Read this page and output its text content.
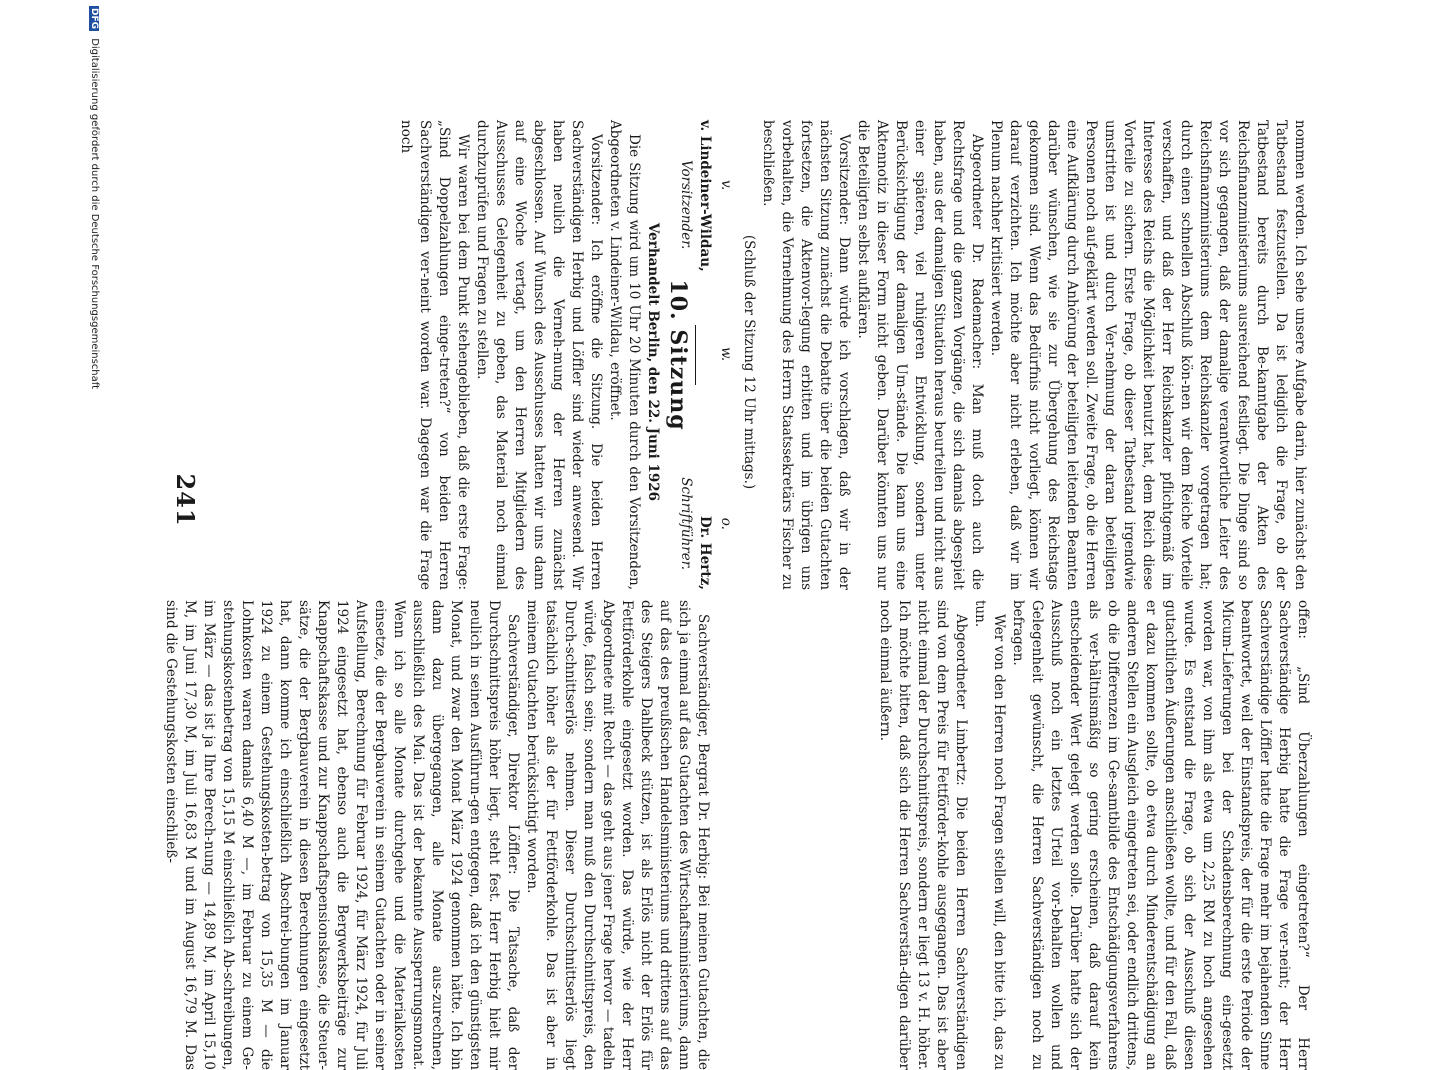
nommen werden. Ich sehe unsere Aufgabe darin, hier zunächst den Tatbestand festzustellen. Da ist lediglich die Frage, ob der Tatbestand bereits durch Be-kanntgabe der Akten des Reichsfinanzministeriums ausreichend festliegt. Die Dinge sind so vor sich gegangen, daß der damalige verantwortliche Leiter des Reichsfinanzministeriums dem Reichskanzler vorgetragen hat; durch einen schnellen Abschluß kön-nen wir dem Reiche Vorteile verschaffen, und daß der Herr Reichskanzler pflichtgemäß im Interesse des Reichs die Möglichkeit benutzt hat, dem Reich diese Vorteile zu sichern. Erste Frage, ob dieser Tatbestand irgendwie umstritten ist und durch Ver-nehmung der daran beteiligten Personen noch auf-geklärt werden soll. Zweite Frage, ob die Herren eine Aufklärung durch Anhörung der beteiligten leitenden Beamten darüber wünschen, wie sie zur Übergehung des Reichstags gekommen sind. Wenn das Bedürfnis nicht vorliegt, können wir darauf verzichten. Ich möchte aber nicht erleben, daß wir im Plenum nachher kritisiert werden.

Abgeordneter Dr. Rademacher: Man muß doch auch die Rechtsfrage und die ganzen Vorgänge, die sich damals abgespielt haben, aus der damaligen Situation heraus beurteilen und nicht aus einer späteren, viel ruhigeren Entwicklung, sondern unter Berücksichtigung der damaligen Um-stände. Die kann uns eine Aktennotiz in dieser Form nicht geben. Darüber könnten uns nur die Beteiligten selbst aufklären.

Vorsitzender: Dann würde ich vorschlagen, daß wir in der nächsten Sitzung zunächst die Debatte über die beiden Gutachten fortsetzen, die Aktenvor-legung erbitten und im übrigen uns vorbehalten, die Vernehmung des Herrn Staatssekretärs Fischer zu beschließen.

(Schluß der Sitzung 12 Uhr mittags.)

v.
w.
o.
v. Lindeiner-Wildau,
Dr. Hertz,
Vorsitzender.
Schriftführer.
10. Sitzung

Verhandelt Berlin, den 22. Juni 1926

Die Sitzung wird um 10 Uhr 20 Minuten durch den Vorsitzenden, Abgeordneten v. Lindeiner-Wildau, eröffnet.

Vorsitzender: Ich eröffne die Sitzung. Die beiden Herren Sachverständigen Herbig und Löffler sind wieder anwesend. Wir haben neulich die Verneh-mung der Herren zunächst abgeschlossen. Auf Wunsch des Ausschusses hatten wir uns dann auf eine Woche vertagt, um den Herren Mitgliedern des Ausschusses Gelegenheit zu geben, das Material noch einmal durchzuprüfen und Fragen zu stellen.

Wir waren bei dem Punkt stehengeblieben, daß die erste Frage: „Sind Doppelzahlungen einge-treten?“ von beiden Herren Sachverständigen ver-neint worden war. Dagegen war die Frage noch

offen: „Sind Überzahlungen eingetreten?“ Der Herr Sachverständige Herbig hatte die Frage ver-neint; der Herr Sachverständige Löffler hatte die Frage mehr im bejahenden Sinne beantwortet, weil der Einstandspreis, der für die erste Periode der Micum-Lieferungen bei der Schadensberechnung ein-gesetzt worden war, von ihm als etwa um 2,25 RM zu hoch angesehen wurde. Es entstand die Frage, ob sich der Ausschuß diesen gutachtlichen Äußerungen anschließen wollte, und für den Fall, daß er dazu kommen sollte, ob etwa durch Minderentschädigung an anderen Stellen ein Ausgleich eingetreten sei, oder endlich drittens, ob die Differenzen im Ge-samtbilde des Entschädigungsverfahrens als ver-hältnismäßig so gering erscheinen, daß darauf kein entscheidender Wert gelegt werden solle. Darüber hatte sich der Ausschuß noch ein letztes Urteil vor-behalten wollen und Gelegenheit gewünscht, die Herren Sachverständigen noch zu befragen.

Wer von den Herren noch Fragen stellen will, den bitte ich, das zu tun.

Abgeordneter Limbertz: Die beiden Herren Sachverständigen sind von dem Preis für Fettförder-kohle ausgegangen. Das ist aber nicht einmal der Durchschnittspreis, sondern er liegt 13 v. H. höher. Ich möchte bitten, daß sich die Herren Sachverstän-digen darüber noch einmal äußern.

Sachverständiger, Bergrat Dr. Herbig: Bei meinen Gutachten, die sich ja einmal auf das Gutachten des Wirtschaftsministeriums, dann auf das des preußischen Handelsministeriums und drittens auf das des Steigers Dahlbeck stützen, ist als Erlös nicht der Erlös für Fettförderkohle eingesetzt worden. Das würde, wie der Herr Abgeordnete mit Recht — das geht aus jener Frage hervor — tadeln würde, falsch sein; sondern man muß den Durchschnittspreis, den Durch-schnittserlös nehmen. Dieser Durchschnittserlös liegt tatsächlich höher als der für Fettförderkohle. Das ist aber in meinem Gutachten berücksichtigt worden.

Sachverständiger, Direktor Löffler: Die Tatsache, daß der Durchschnittspreis höher liegt, steht fest. Herr Herbig hielt mir neulich in seinen Ausführun-gen entgegen, daß ich den günstigsten Monat, und zwar den Monat März 1924 genommen hätte. Ich bin dann dazu übergegangen, alle Monate aus-zurechnen, ausschließlich des Mai. Das ist der bekannte Aussperrungsmonat. Wenn ich so alle Monate durchgehe und die Materialkosten einsetze, die der Bergbauverein in seinem Gutachten oder in seiner Aufstellung, Berechnung für Februar 1924, für März 1924, für Juli 1924 eingesetzt hat, ebenso auch die Bergwerksbeiträge zur Knappschaftskasse und zur Knappschaftspensionskasse, die Steuer-sätze, die der Bergbauverein in diesen Berechnungen eingesetzt hat, dann komme ich einschließlich Abschrei-bungen im Januar 1924 zu einem Gestehungskosten-betrag von 15,35 M — die Lohnkosten waren damals 6,40 M —, im Februar zu einem Ge-stehungskostenbetrag von 15,15 M einschließlich Ab-schreibungen, im März — das ist ja Ihre Berech-nung — 14,89 M, im April 15,10 M, im Juni 17,30 M, im Juli 16,83 M und im August 16,79 M. Das sind die Gestehungskosten einschließ-

241
DFG Digitalisierung gefördert durch die Deutsche Forschungsgemeinschaft
